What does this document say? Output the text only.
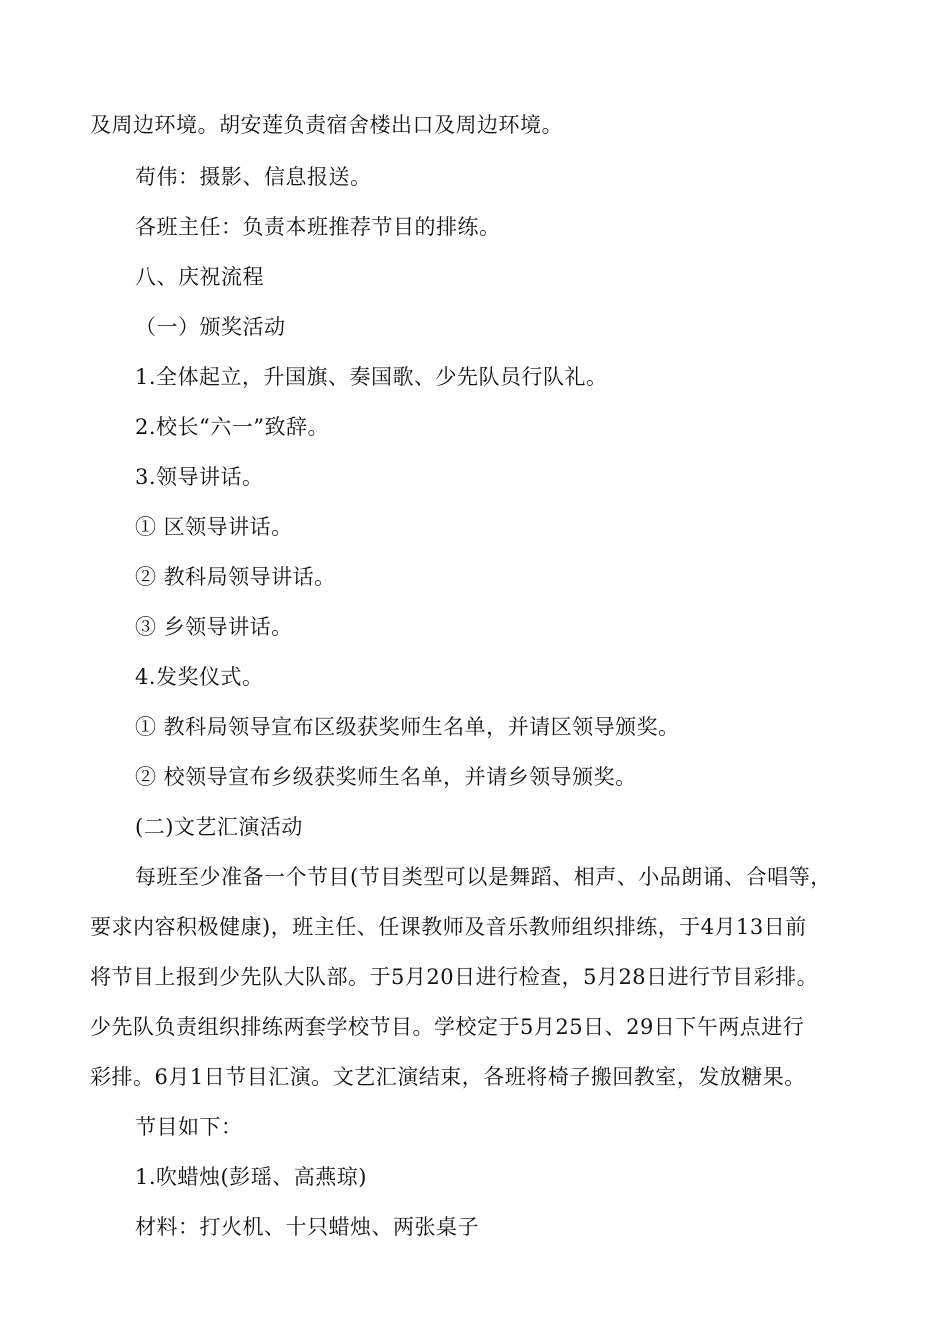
及周边环境。胡安莲负责宿舍楼出口及周边环境。
苟伟：摄影、信息报送。
各班主任：负责本班推荐节目的排练。
八、庆祝流程
（一）颁奖活动
1.全体起立，升国旗、奏国歌、少先队员行队礼。
2.校长“六一”致辞。
3.领导讲话。
① 区领导讲话。
② 教科局领导讲话。
③ 乡领导讲话。
4.发奖仪式。
① 教科局领导宣布区级获奖师生名单，并请区领导颁奖。
② 校领导宣布乡级获奖师生名单，并请乡领导颁奖。
(二)文艺汇演活动
每班至少准备一个节目(节目类型可以是舞蹈、相声、小品朗诵、合唱等，
要求内容积极健康)，班主任、任课教师及音乐教师组织排练，于4月13日前
将节目上报到少先队大队部。于5月20日进行检查，5月28日进行节目彩排。
少先队负责组织排练两套学校节目。学校定于5月25日、29日下午两点进行
彩排。6月1日节目汇演。文艺汇演结束，各班将椅子搬回教室，发放糖果。
节目如下：
1.吹蜡烛(彭瑶、高燕琼)
材料：打火机、十只蜡烛、两张桌子
